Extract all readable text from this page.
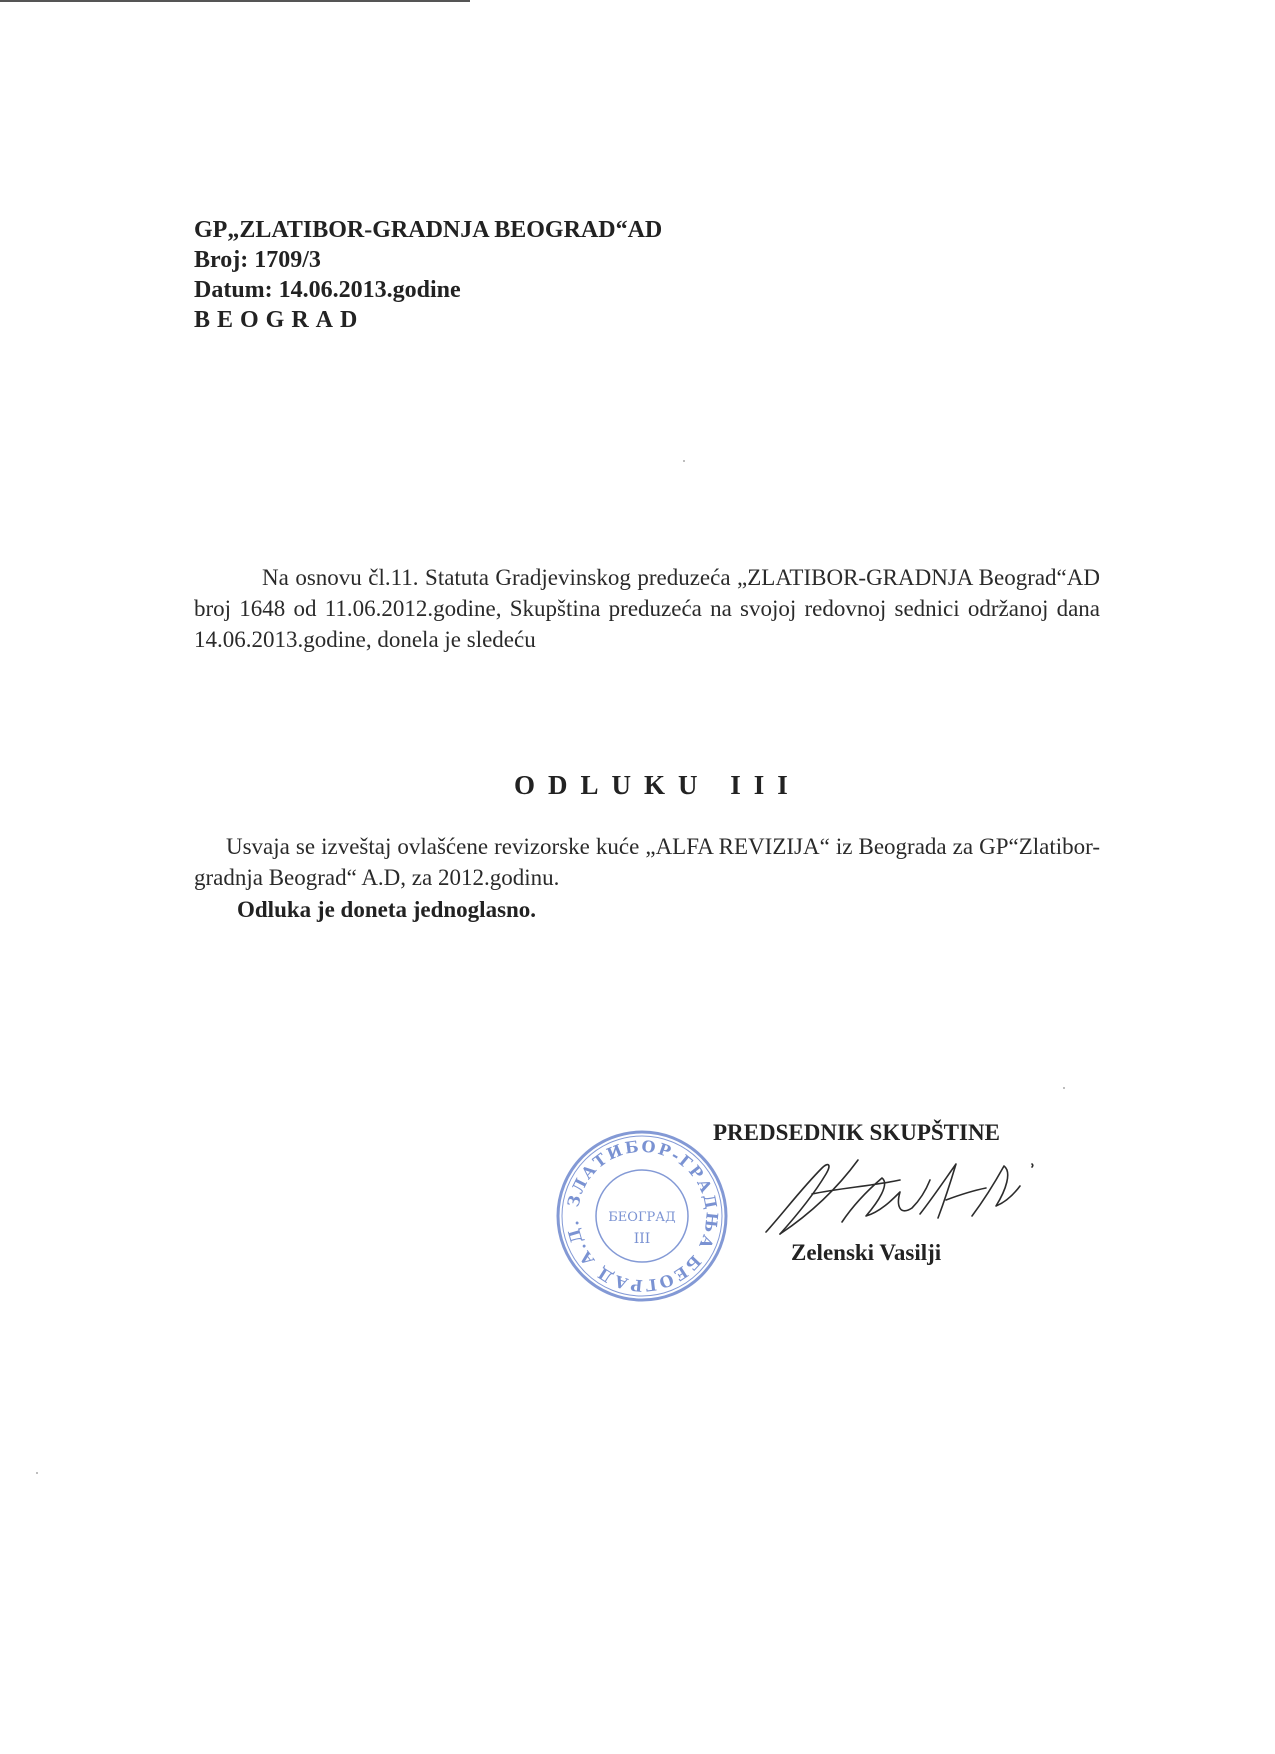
GP„ZLATIBOR-GRADNJA BEOGRAD“AD
Broj: 1709/3
Datum: 14.06.2013.godine
BEOGRAD
Na osnovu čl.11. Statuta Gradjevinskog preduzeća „ZLATIBOR-GRADNJA Beograd“AD broj 1648 od 11.06.2012.godine, Skupština preduzeća na svojoj redovnoj sednici održanoj dana 14.06.2013.godine, donela je sledeću
ODLUKU III
Usvaja se izveštaj ovlašćene revizorske kuće „ALFA REVIZIJA“ iz Beograda za GP“Zlatibor-gradnja Beograd“ A.D, za 2012.godinu.
Odluka je doneta jednoglasno.
ЗЛАТИБОР-ГРАДЊА БЕОГРАД А.Д.	БЕОГРАД
III
PREDSEDNIK SKUPŠTINE
Zelenski Vasilji
